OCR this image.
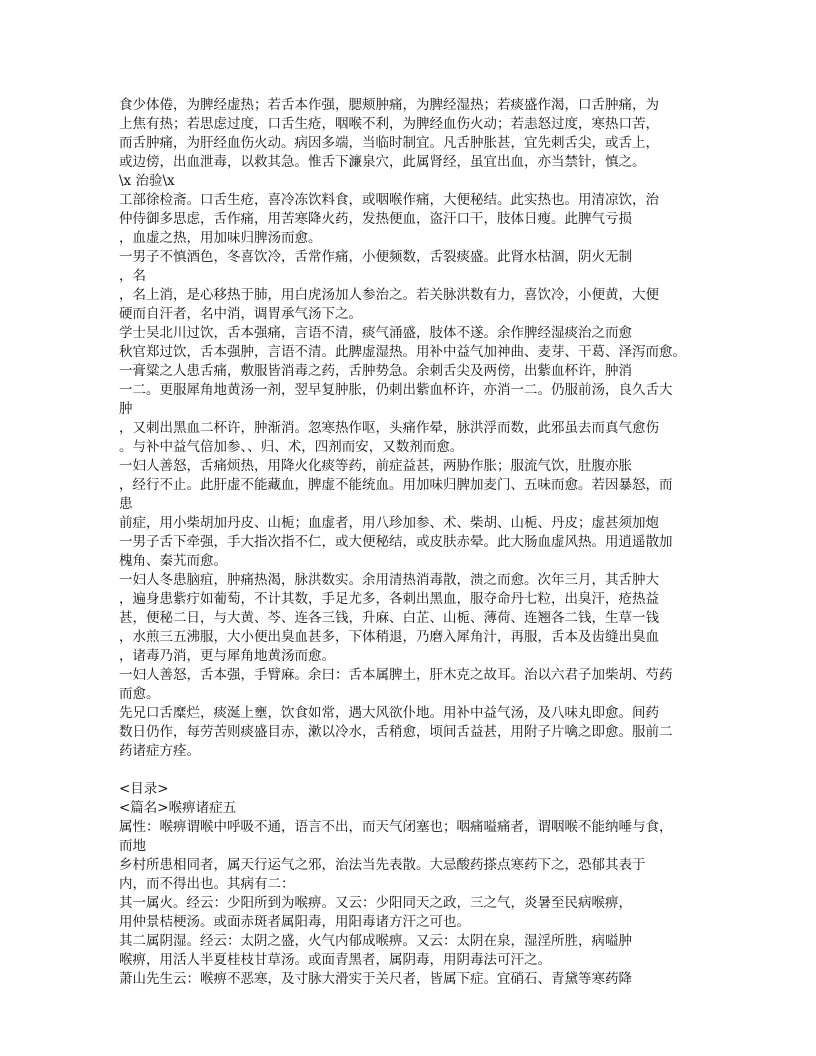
食少体倦，为脾经虚热；若舌本作强，腮颊肿痛，为脾经湿热；若痰盛作渴，口舌肿痛，为
上焦有热；若思虑过度，口舌生疮，咽喉不利，为脾经血伤火动；若恚怒过度，寒热口苦，
而舌肿痛，为肝经血伤火动。病因多端，当临时制宜。凡舌肿胀甚，宜先刺舌尖，或舌上，
或边傍，出血泄毒，以救其急。惟舌下濂泉穴，此属肾经，虽宜出血，亦当禁针，慎之。
\x 治验\x
工部徐检斋。口舌生疮，喜冷冻饮料食，或咽喉作痛，大便秘结。此实热也。用清凉饮，治
仲侍御多思虑，舌作痛，用苦寒降火药，发热便血，盗汗口干，肢体日瘦。此脾气亏损
，血虚之热，用加味归脾汤而愈。
一男子不慎酒色，冬喜饮冷，舌常作痛，小便频数，舌裂痰盛。此肾水枯涸，阴火无制
，名
，名上消，是心移热于肺，用白虎汤加人参治之。若关脉洪数有力，喜饮冷，小便黄，大便
硬而自汗者，名中消，调胃承气汤下之。
学士吴北川过饮，舌本强痛，言语不清，痰气涌盛，肢体不遂。余作脾经湿痰治之而愈
秋官郑过饮，舌本强肿，言语不清。此脾虚湿热。用补中益气加神曲、麦芽、干葛、泽泻而愈。
一膏粱之人患舌痛，敷服皆消毒之药，舌肿势急。余刺舌尖及两傍，出紫血杯许，肿消
一二。更服犀角地黄汤一剂，翌早复肿胀，仍刺出紫血杯许，亦消一二。仍服前汤，良久舌大
肿
，又刺出黑血二杯许，肿渐消。忽寒热作呕，头痛作晕，脉洪浮而数，此邪虽去而真气愈伤
。与补中益气倍加参、、归、术，四剂而安，又数剂而愈。
一妇人善怒，舌痛烦热，用降火化痰等药，前症益甚，两胁作胀；服流气饮，肚腹亦胀
，经行不止。此肝虚不能藏血，脾虚不能统血。用加味归脾加麦门、五味而愈。若因暴怒，而
患
前症，用小柴胡加丹皮、山栀；血虚者，用八珍加参、术、柴胡、山栀、丹皮；虚甚须加炮
一男子舌下牵强，手大指次指不仁，或大便秘结，或皮肤赤晕。此大肠血虚风热。用逍遥散加
槐角、秦艽而愈。
一妇人冬患脑疽，肿痛热渴，脉洪数实。余用清热消毒散，溃之而愈。次年三月，其舌肿大
，遍身患紫疔如葡萄，不计其数，手足尤多，各刺出黑血，服夺命丹七粒，出臭汗，疮热益
甚，便秘二日，与大黄、芩、连各三钱，升麻、白芷、山栀、薄荷、连翘各二钱，生草一钱
，水煎三五沸服，大小便出臭血甚多，下体稍退，乃磨入犀角汁，再服，舌本及齿缝出臭血
，诸毒乃消，更与犀角地黄汤而愈。
一妇人善怒，舌本强，手臂麻。余曰：舌本属脾土，肝木克之故耳。治以六君子加柴胡、芍药
而愈。
先兄口舌糜烂，痰涎上壅，饮食如常，遇大风欲仆地。用补中益气汤，及八味丸即愈。间药
数日仍作，每劳苦则痰盛目赤，漱以冷水，舌稍愈，顷间舌益甚，用附子片噙之即愈。服前二
药诸症方痊。
<目录>
<篇名>喉痹诸症五
属性：喉痹谓喉中呼吸不通，语言不出，而天气闭塞也；咽痛嗌痛者，谓咽喉不能纳唾与食，
而地
乡村所患相同者，属天行运气之邪，治法当先表散。大忌酸药搽点寒药下之，恐郁其表于
内，而不得出也。其病有二：
其一属火。经云：少阳所到为喉痹。又云：少阳同天之政，三之气，炎暑至民病喉痹，
用仲景桔梗汤。或面赤斑者属阳毒，用阳毒诸方汗之可也。
其二属阴湿。经云：太阴之盛，火气内郁成喉痹。又云：太阴在泉，湿淫所胜，病嗌肿
喉痹，用活人半夏桂枝甘草汤。或面青黑者，属阴毒，用阴毒法可汗之。
萧山先生云：喉痹不恶寒，及寸脉大滑实于关尺者，皆属下症。宜硝石、青黛等寒药降
